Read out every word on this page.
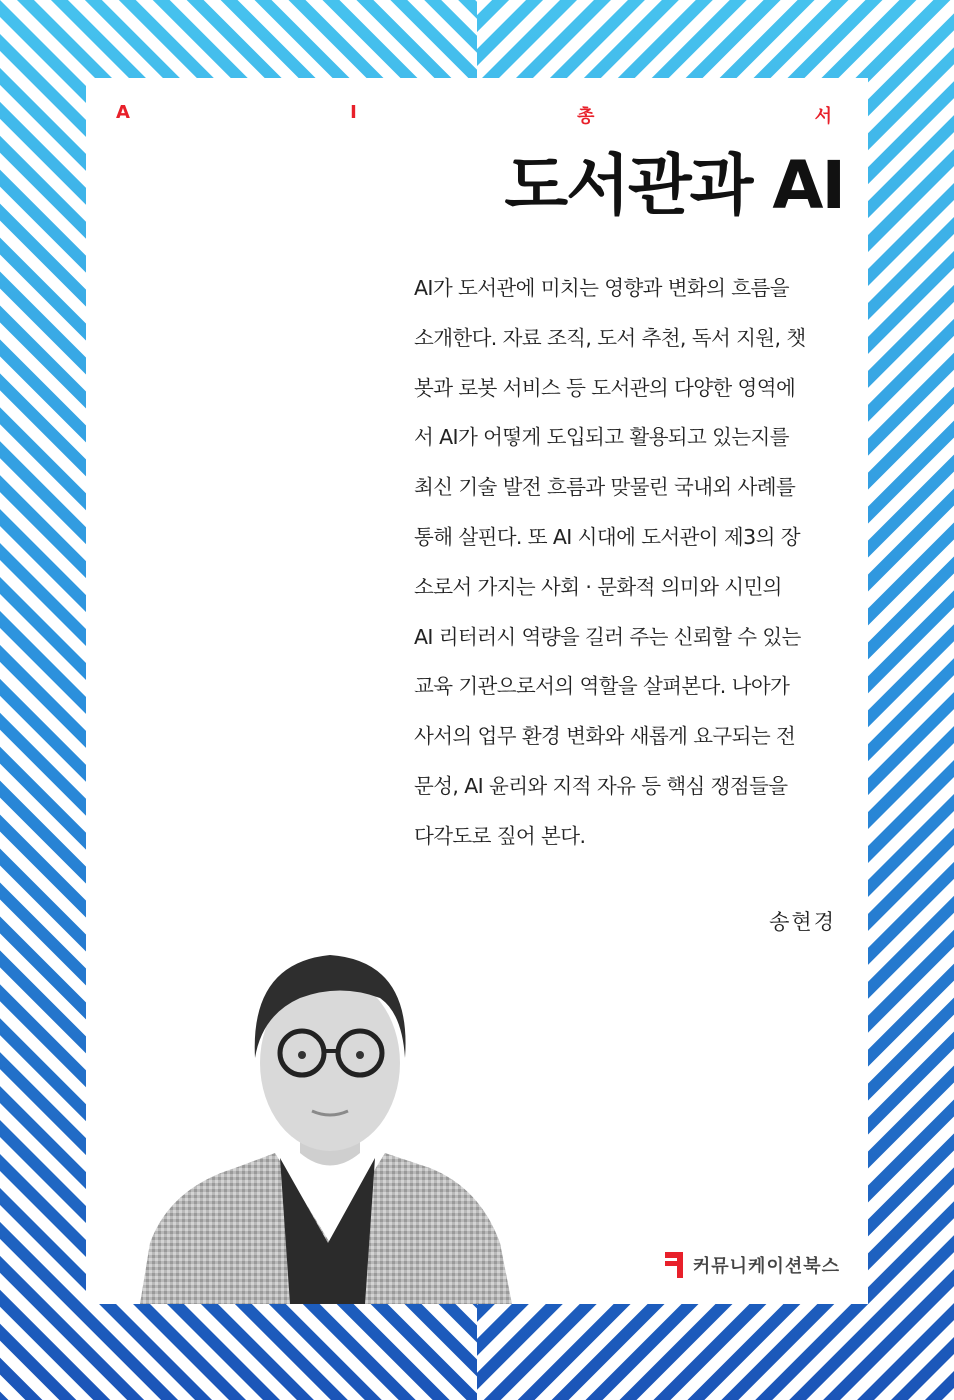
A	I	총	서
도서관과 AI
AI가 도서관에 미치는 영향과 변화의 흐름을
소개한다. 자료 조직, 도서 추천, 독서 지원, 챗
봇과 로봇 서비스 등 도서관의 다양한 영역에
서 AI가 어떻게 도입되고 활용되고 있는지를
최신 기술 발전 흐름과 맞물린 국내외 사례를
통해 살핀다. 또 AI 시대에 도서관이 제3의 장
소로서 가지는 사회 · 문화적 의미와 시민의
AI 리터러시 역량을 길러 주는 신뢰할 수 있는
교육 기관으로서의 역할을 살펴본다. 나아가
사서의 업무 환경 변화와 새롭게 요구되는 전
문성, AI 윤리와 지적 자유 등 핵심 쟁점들을
다각도로 짚어 본다.
송현경
커뮤니케이션북스
